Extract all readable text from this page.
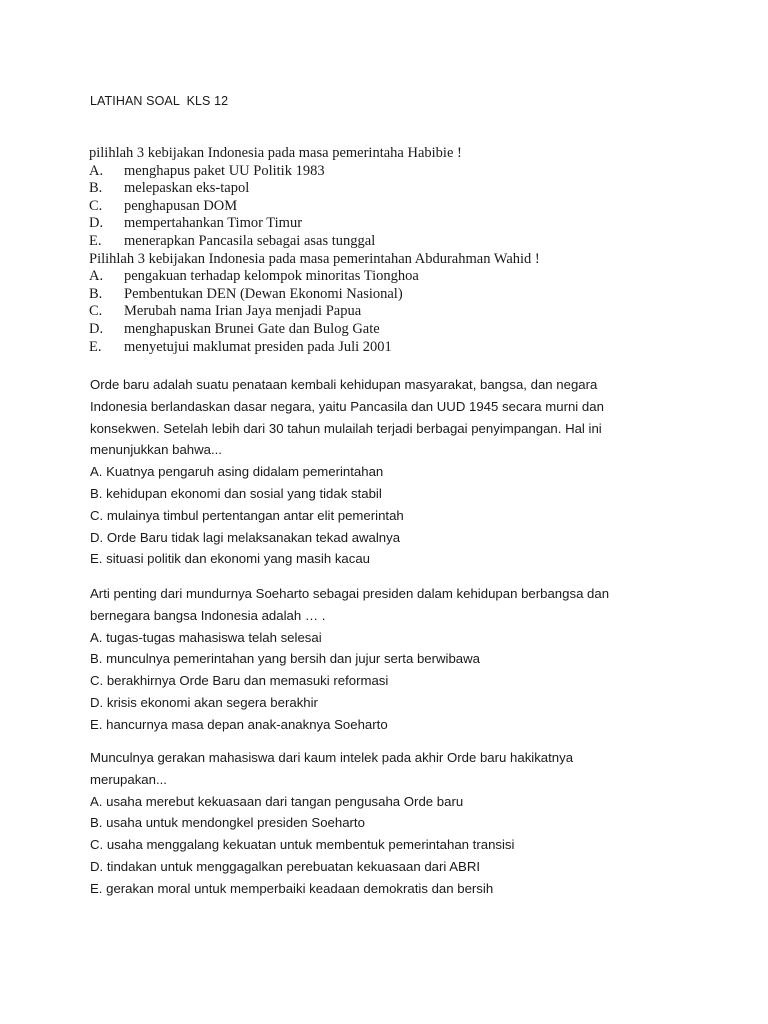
LATIHAN SOAL  KLS 12
pilihlah 3 kebijakan Indonesia pada masa pemerintaha Habibie !
A.	menghapus paket UU Politik 1983
B.	melepaskan eks-tapol
C.	penghapusan DOM
D.	mempertahankan Timor Timur
E.	menerapkan Pancasila sebagai asas tunggal
Pilihlah 3 kebijakan Indonesia pada masa pemerintahan Abdurahman Wahid !
A.	pengakuan terhadap kelompok minoritas Tionghoa
B.	Pembentukan DEN (Dewan Ekonomi Nasional)
C.	Merubah nama Irian Jaya menjadi Papua
D.	menghapuskan Brunei Gate dan Bulog Gate
E.	menyetujui maklumat presiden pada Juli 2001
Orde baru adalah suatu penataan kembali kehidupan masyarakat, bangsa, dan negara
Indonesia berlandaskan dasar negara, yaitu Pancasila dan UUD 1945 secara murni dan
konsekwen. Setelah lebih dari 30 tahun mulailah terjadi berbagai penyimpangan. Hal ini
menunjukkan bahwa...
A. Kuatnya pengaruh asing didalam pemerintahan
B. kehidupan ekonomi dan sosial yang tidak stabil
C. mulainya timbul pertentangan antar elit pemerintah
D. Orde Baru tidak lagi melaksanakan tekad awalnya
E. situasi politik dan ekonomi yang masih kacau
Arti penting dari mundurnya Soeharto sebagai presiden dalam kehidupan berbangsa dan
bernegara bangsa Indonesia adalah … .
A. tugas-tugas mahasiswa telah selesai
B. munculnya pemerintahan yang bersih dan jujur serta berwibawa
C. berakhirnya Orde Baru dan memasuki reformasi
D. krisis ekonomi akan segera berakhir
E. hancurnya masa depan anak-anaknya Soeharto
Munculnya gerakan mahasiswa dari kaum intelek pada akhir Orde baru hakikatnya
merupakan...
A. usaha merebut kekuasaan dari tangan pengusaha Orde baru
B. usaha untuk mendongkel presiden Soeharto
C. usaha menggalang kekuatan untuk membentuk pemerintahan transisi
D. tindakan untuk menggagalkan perebuatan kekuasaan dari ABRI
E. gerakan moral untuk memperbaiki keadaan demokratis dan bersih
